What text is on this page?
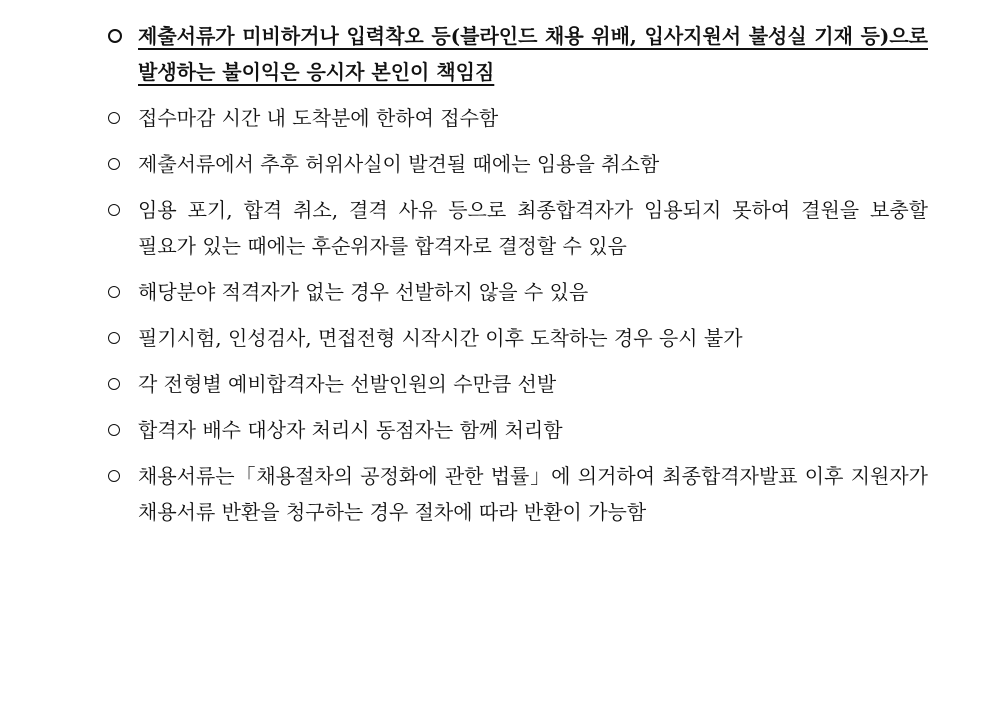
제출서류가 미비하거나 입력착오 등(블라인드 채용 위배, 입사지원서 불성실 기재 등)으로 발생하는 불이익은 응시자 본인이 책임짐
접수마감 시간 내 도착분에 한하여 접수함
제출서류에서 추후 허위사실이 발견될 때에는 임용을 취소함
임용 포기, 합격 취소, 결격 사유 등으로 최종합격자가 임용되지 못하여 결원을 보충할 필요가 있는 때에는 후순위자를 합격자로 결정할 수 있음
해당분야 적격자가 없는 경우 선발하지 않을 수 있음
필기시험, 인성검사, 면접전형 시작시간 이후 도착하는 경우 응시 불가
각 전형별 예비합격자는 선발인원의 수만큼 선발
합격자 배수 대상자 처리시 동점자는 함께 처리함
채용서류는「채용절차의 공정화에 관한 법률」에 의거하여 최종합격자발표 이후 지원자가 채용서류 반환을 청구하는 경우 절차에 따라 반환이 가능함
